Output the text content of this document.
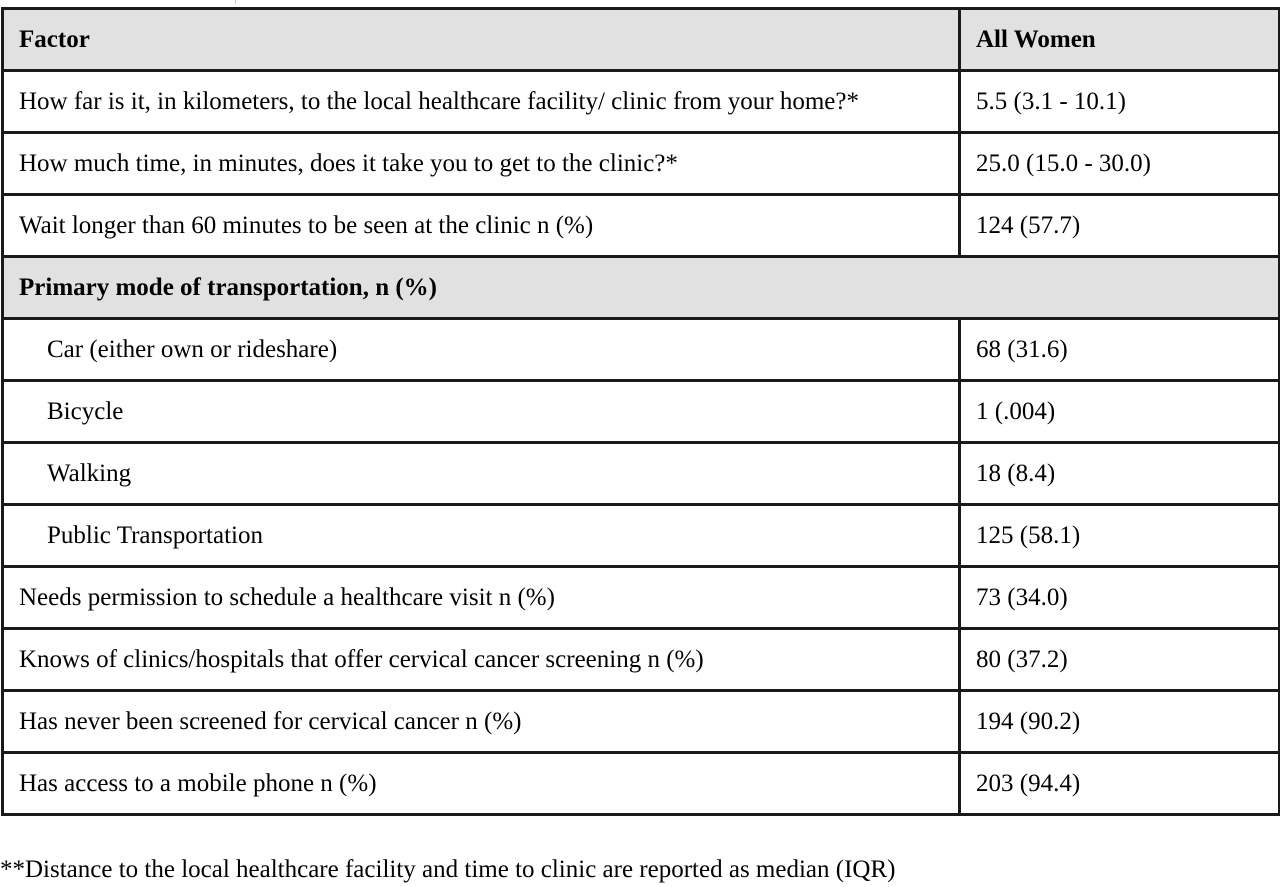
Factor	All Women
How far is it, in kilometers, to the local healthcare facility/ clinic from your home?*	5.5 (3.1 - 10.1)
How much time, in minutes, does it take you to get to the clinic?*	25.0 (15.0 - 30.0)
Wait longer than 60 minutes to be seen at the clinic n (%)	124 (57.7)
Primary mode of transportation, n (%)	
Car (either own or rideshare)	68 (31.6)
Bicycle	1 (.004)
Walking	18 (8.4)
Public Transportation	125 (58.1)
Needs permission to schedule a healthcare visit n (%)	73 (34.0)
Knows of clinics/hospitals that offer cervical cancer screening n (%)	80 (37.2)
Has never been screened for cervical cancer n (%)	194 (90.2)
Has access to a mobile phone n (%)	203 (94.4)
**Distance to the local healthcare facility and time to clinic are reported as median (IQR)
